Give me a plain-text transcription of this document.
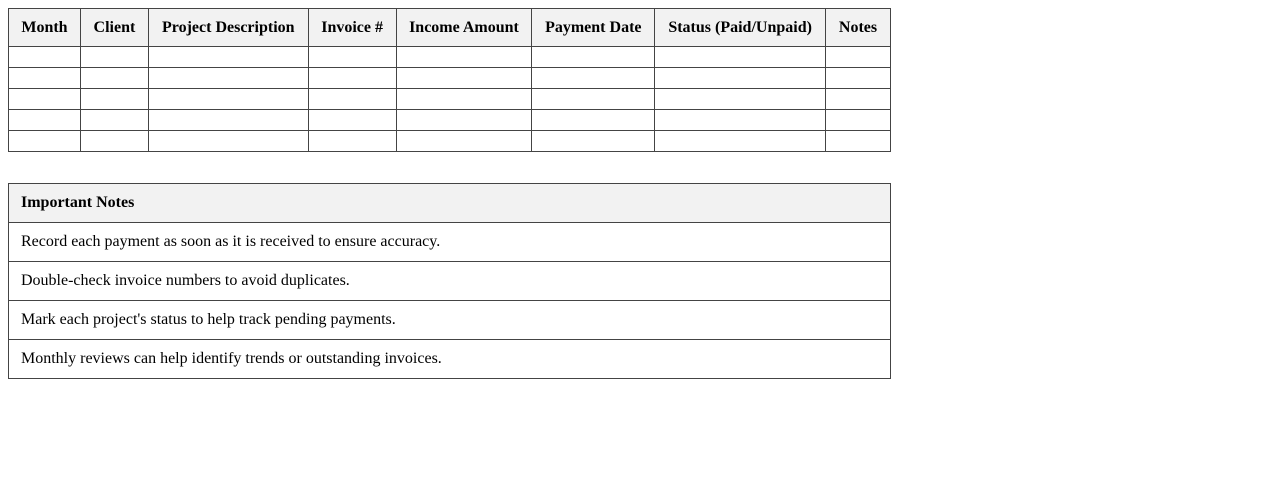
Month	Client	Project Description	Invoice #	Income Amount	Payment Date	Status (Paid/Unpaid)	Notes

Important Notes
Record each payment as soon as it is received to ensure accuracy.
Double-check invoice numbers to avoid duplicates.
Mark each project's status to help track pending payments.
Monthly reviews can help identify trends or outstanding invoices.
